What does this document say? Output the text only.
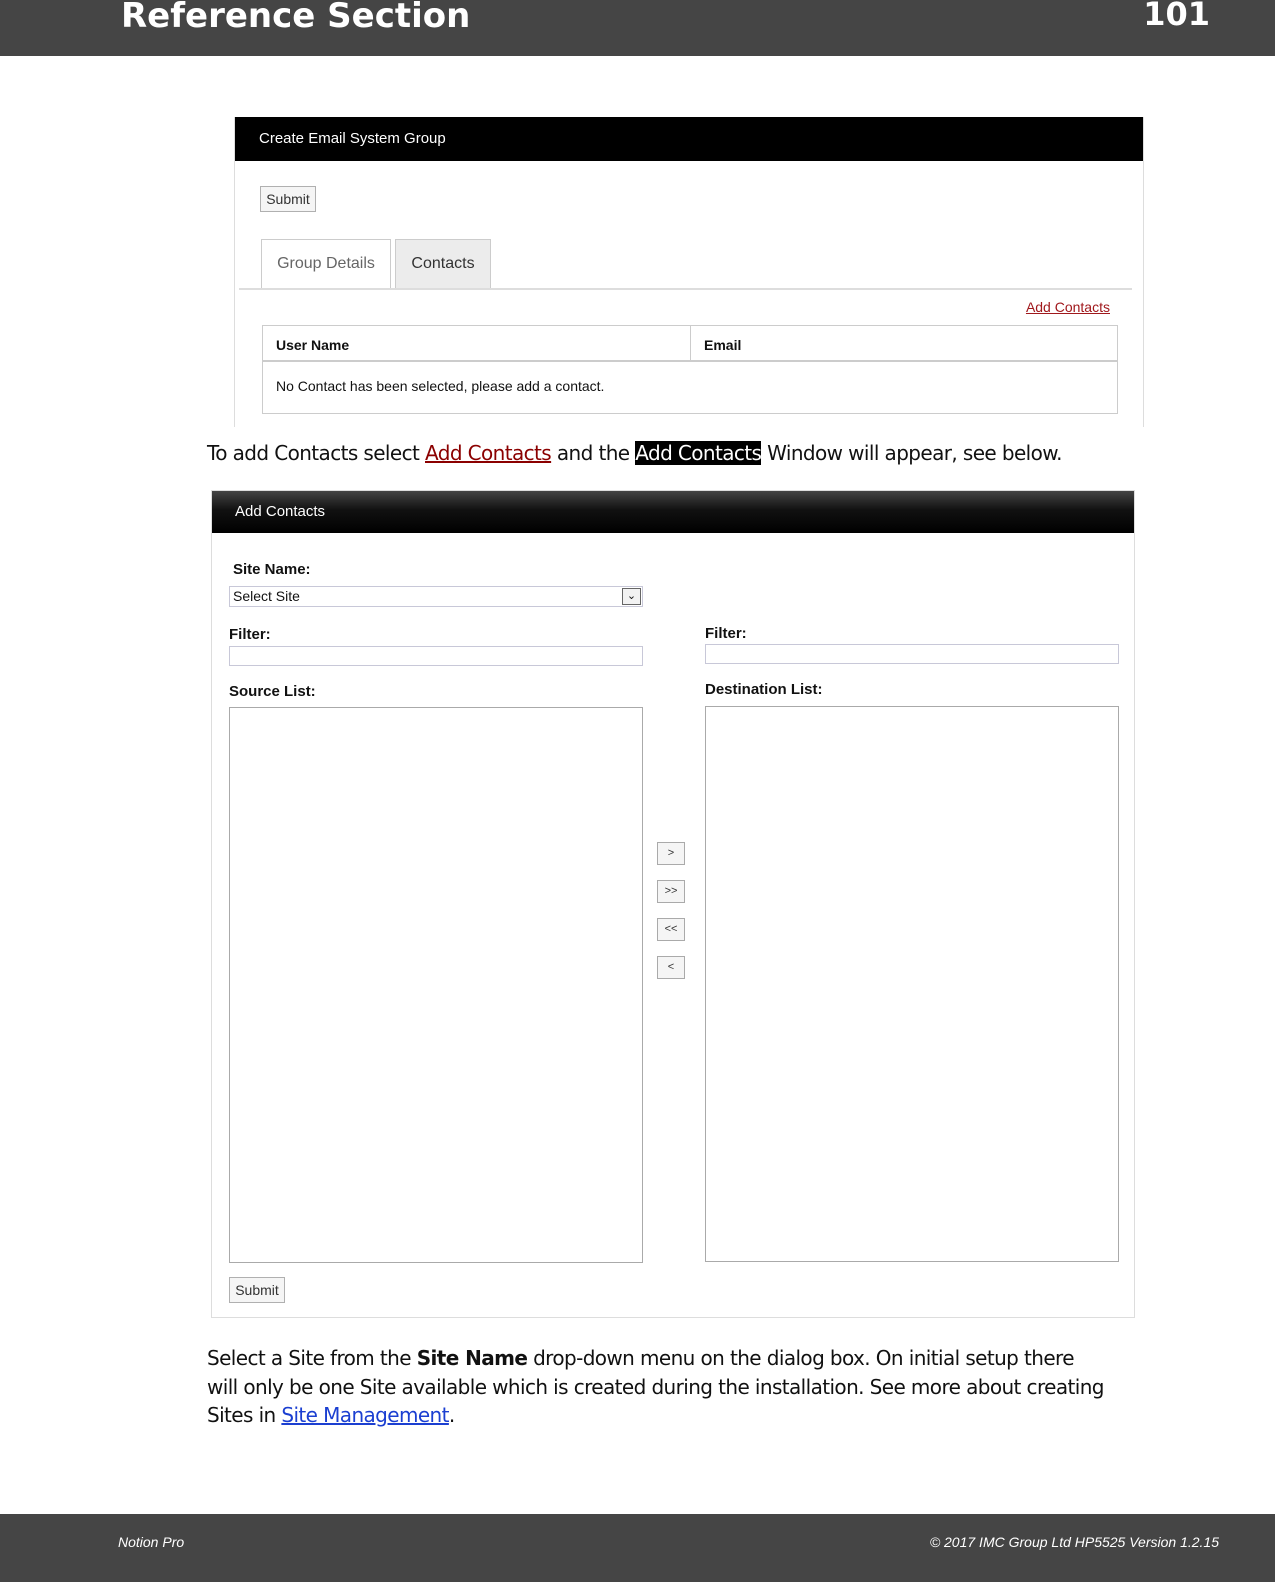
Reference Section	101
Create Email System Group
Submit
Group Details	Contacts
Add Contacts
User Name	Email
No Contact has been selected, please add a contact.
To add Contacts select Add Contacts and the Add Contacts Window will appear, see below.
Add Contacts
Site Name:
Select Site	⌄
Filter:	Filter:
Source List:	Destination List:
>
>>
<<
<
Submit
Select a Site from the Site Name drop-down menu on the dialog box. On initial setup there
will only be one Site available which is created during the installation. See more about creating
Sites in Site Management.
Notion Pro	© 2017 IMC Group Ltd HP5525 Version 1.2.15
